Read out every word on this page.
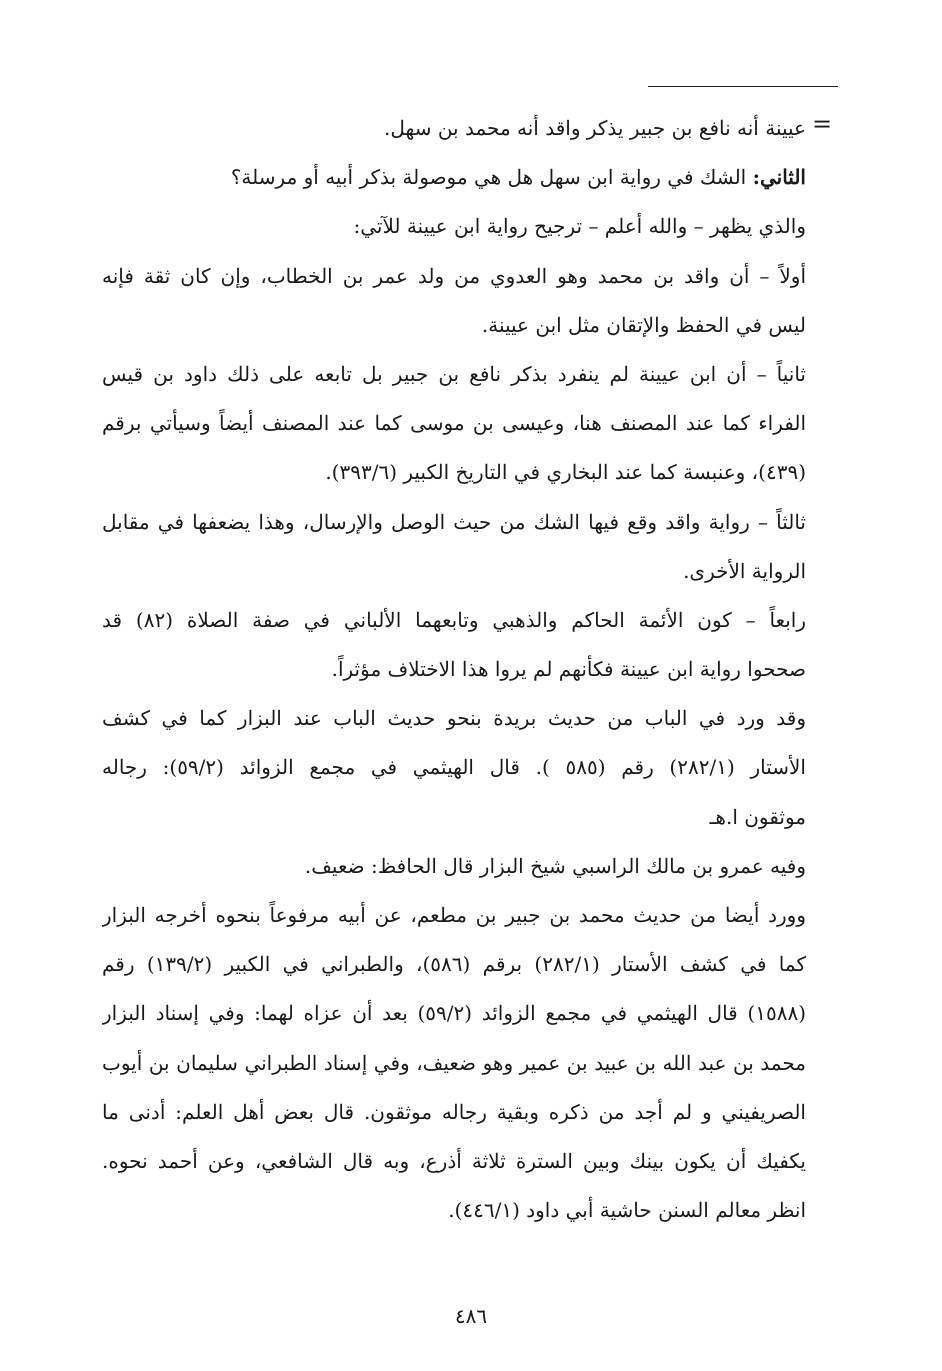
=
عيينة أنه نافع بن جبير يذكر واقد أنه محمد بن سهل.
الثاني: الشك في رواية ابن سهل هل هي موصولة بذكر أبيه أو مرسلة؟
والذي يظهر – والله أعلم – ترجيح رواية ابن عيينة للآتي:
أولاً – أن واقد بن محمد وهو العدوي من ولد عمر بن الخطاب، وإن كان ثقة فإنه
ليس في الحفظ والإتقان مثل ابن عيينة.
ثانياً – أن ابن عيينة لم ينفرد بذكر نافع بن جبير بل تابعه على ذلك داود بن قيس
الفراء كما عند المصنف هنا، وعيسى بن موسى كما عند المصنف أيضاً وسيأتي برقم
(٤٣٩)، وعنبسة كما عند البخاري في التاريخ الكبير (٣٩٣/٦).
ثالثاً – رواية واقد وقع فيها الشك من حيث الوصل والإرسال، وهذا يضعفها في مقابل
الرواية الأخرى.
رابعاً – كون الأئمة الحاكم والذهبي وتابعهما الألباني في صفة الصلاة (٨٢) قد
صححوا رواية ابن عيينة فكأنهم لم يروا هذا الاختلاف مؤثراً.
وقد ورد في الباب من حديث بريدة بنحو حديث الباب عند البزار كما في كشف
الأستار (٢٨٢/١) رقم (٥٨٥ ). قال الهيثمي في مجمع الزوائد (٥٩/٢): رجاله
موثقون ا.هـ
وفيه عمرو بن مالك الراسبي شيخ البزار قال الحافظ: ضعيف.
وورد أيضا من حديث محمد بن جبير بن مطعم، عن أبيه مرفوعاً بنحوه أخرجه البزار
كما في كشف الأستار (٢٨٢/١) برقم (٥٨٦)، والطبراني في الكبير (١٣٩/٢) رقم
(١٥٨٨) قال الهيثمي في مجمع الزوائد (٥٩/٢) بعد أن عزاه لهما: وفي إسناد البزار
محمد بن عبد الله بن عبيد بن عمير وهو ضعيف، وفي إسناد الطبراني سليمان بن أيوب
الصريفيني و لم أجد من ذكره وبقية رجاله موثقون. قال بعض أهل العلم: أدنى ما
يكفيك أن يكون بينك وبين السترة ثلاثة أذرع، وبه قال الشافعي، وعن أحمد نحوه.
انظر معالم السنن حاشية أبي داود (٤٤٦/١).
٤٨٦
